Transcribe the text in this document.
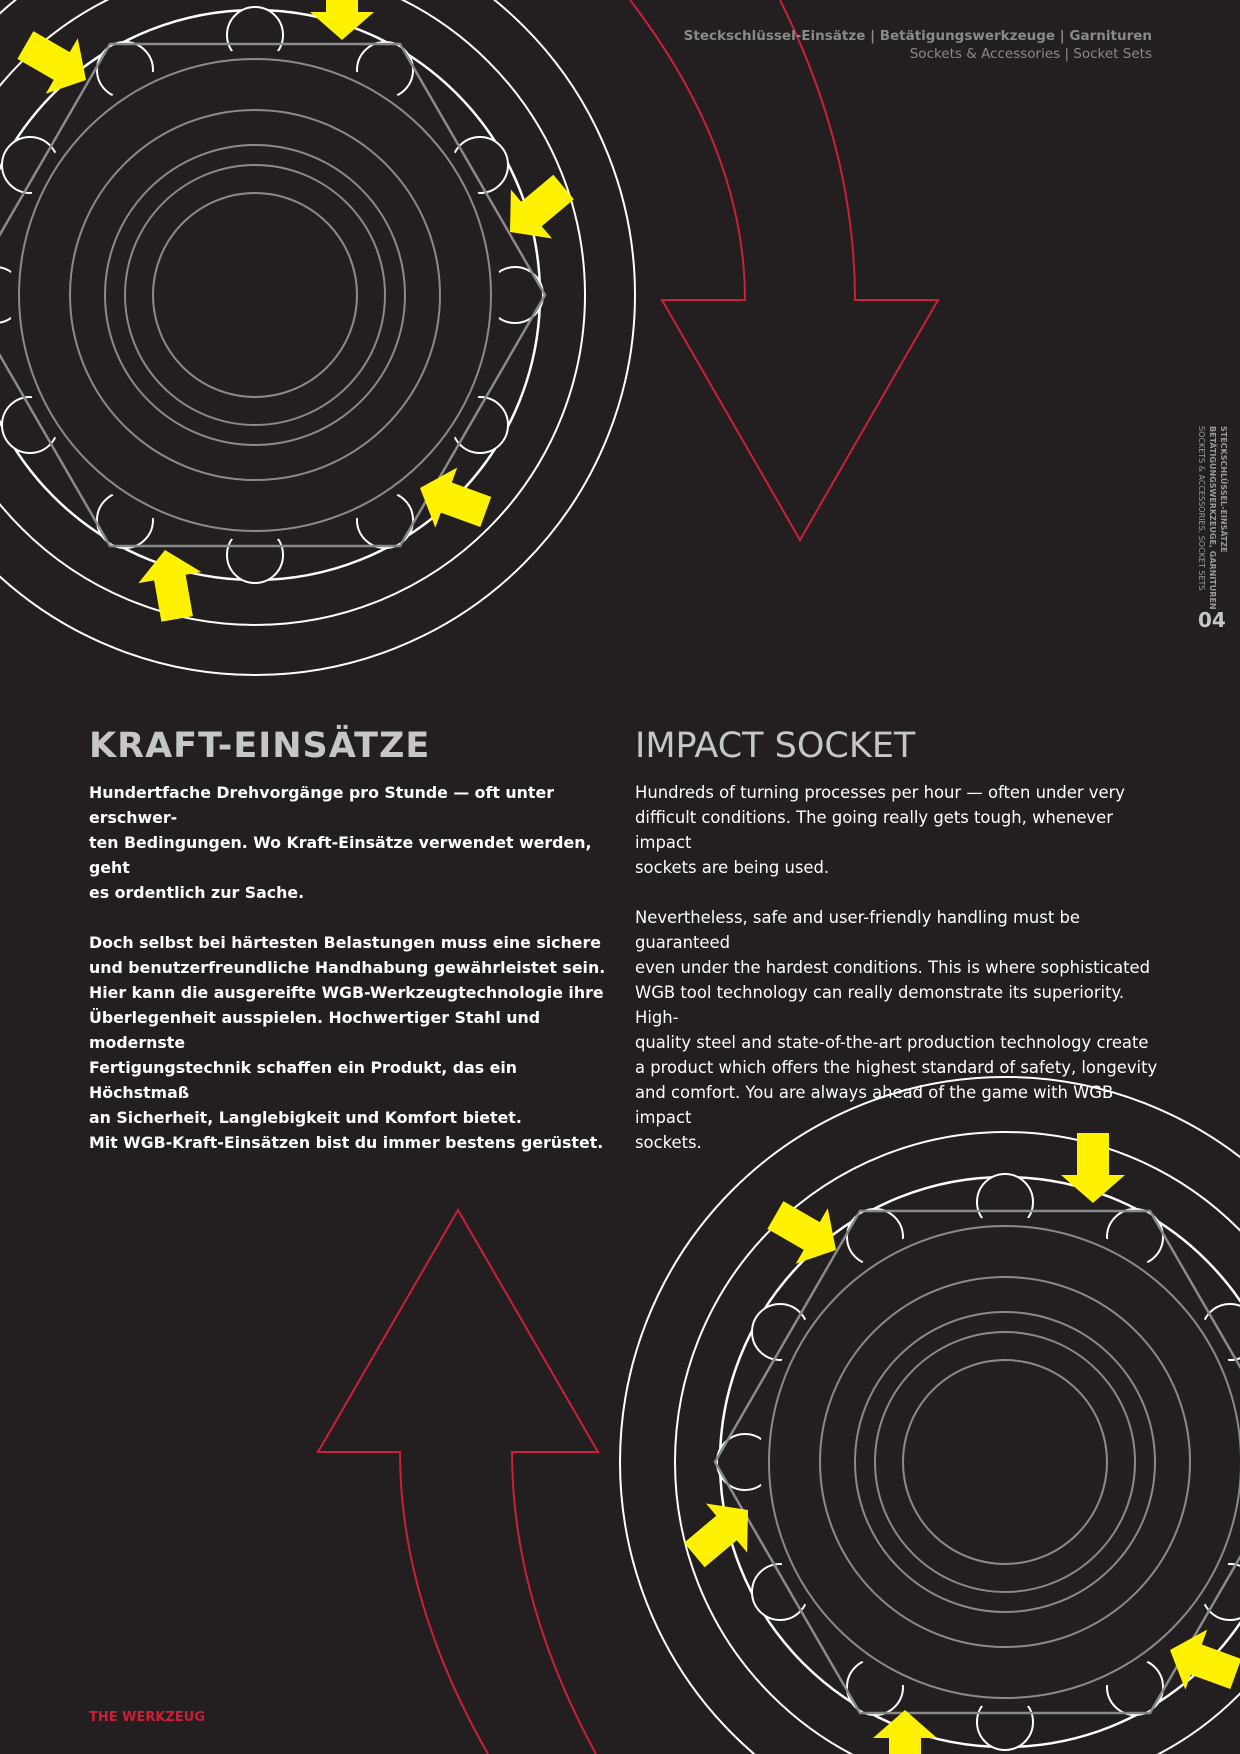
Steckschlüssel-Einsätze | Betätigungswerkzeuge | Garnituren
Sockets & Accessories | Socket Sets
STECKSCHLÜSSEL-EINSÄTZE
BETÄTIGUNGSWERKZEUGE, GARNITUREN
SOCKETS & ACCESSORIES, SOCKET SETS
04
KRAFT-EINSÄTZE

Hundertfache Drehvorgänge pro Stunde — oft unter erschwer-
ten Bedingungen. Wo Kraft-Einsätze verwendet werden, geht
es ordentlich zur Sache.

Doch selbst bei härtesten Belastungen muss eine sichere
und benutzerfreundliche Handhabung gewährleistet sein.
Hier kann die ausgereifte WGB-Werkzeugtechnologie ihre
Überlegenheit ausspielen. Hochwertiger Stahl und modernste
Fertigungstechnik schaffen ein Produkt, das ein Höchstmaß
an Sicherheit, Langlebigkeit und Komfort bietet.
Mit WGB-Kraft-Einsätzen bist du immer bestens gerüstet.

IMPACT SOCKET

Hundreds of turning processes per hour — often under very
difficult conditions. The going really gets tough, whenever impact
sockets are being used.

Nevertheless, safe and user-friendly handling must be guaranteed
even under the hardest conditions. This is where sophisticated
WGB tool technology can really demonstrate its superiority. High-
quality steel and state-of-the-art production technology create
a product which offers the highest standard of safety, longevity
and comfort. You are always ahead of the game with WGB impact
sockets.

THE WERKZEUG
